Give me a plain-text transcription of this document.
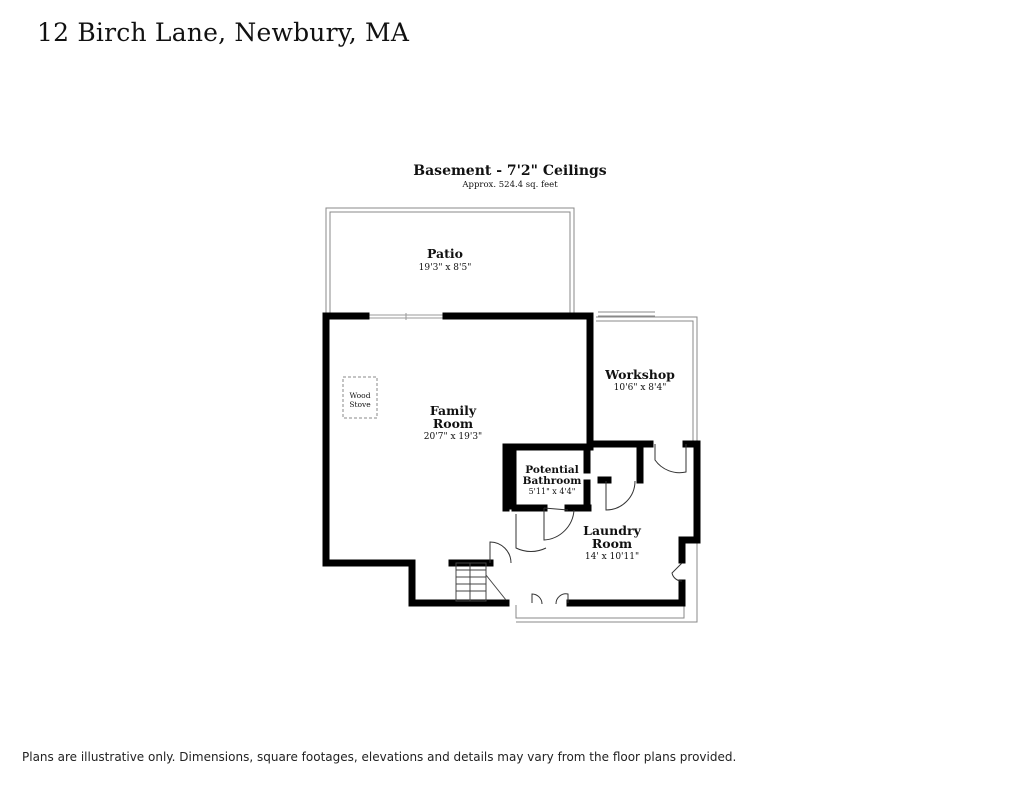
12 Birch Lane, Newbury, MA
Basement - 7'2" Ceilings
Approx. 524.4 sq. feet
Wood
Stove
Patio
19'3" x 8'5"
Workshop
10'6" x 8'4"
Family
Room
20'7" x 19'3"
Potential
Bathroom
5'11" x 4'4"
Laundry
Room
14' x 10'11"
Plans are illustrative only. Dimensions, square footages, elevations and details may vary from the floor plans provided.
